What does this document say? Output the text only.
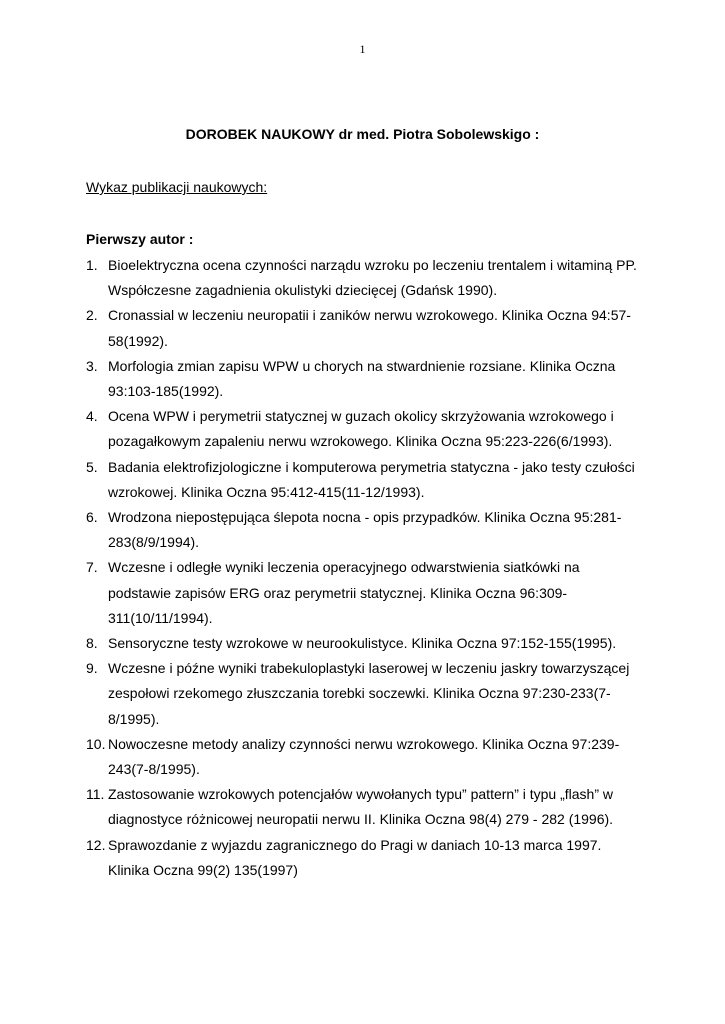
1
DOROBEK NAUKOWY dr med. Piotra Sobolewskigo :
Wykaz publikacji naukowych:
Pierwszy autor :
1. Bioelektryczna ocena czynności narządu wzroku po leczeniu trentalem i witaminą PP. Współczesne zagadnienia okulistyki dziecięcej (Gdańsk 1990).
2. Cronassial w leczeniu neuropatii i zaników nerwu wzrokowego. Klinika Oczna 94:57-58(1992).
3. Morfologia zmian zapisu WPW u chorych na stwardnienie rozsiane. Klinika Oczna 93:103-185(1992).
4. Ocena WPW i perymetrii statycznej w guzach okolicy skrzyżowania wzrokowego i pozagałkowym zapaleniu nerwu wzrokowego. Klinika Oczna 95:223-226(6/1993).
5. Badania elektrofizjologiczne i komputerowa perymetria statyczna - jako testy czułości wzrokowej. Klinika Oczna 95:412-415(11-12/1993).
6. Wrodzona niepostępująca ślepota nocna - opis przypadków. Klinika Oczna 95:281-283(8/9/1994).
7. Wczesne i odległe wyniki leczenia operacyjnego odwarstwienia siatkówki na podstawie zapisów ERG oraz perymetrii statycznej. Klinika Oczna 96:309-311(10/11/1994).
8. Sensoryczne testy wzrokowe w neurookulistyce. Klinika Oczna 97:152-155(1995).
9. Wczesne i późne wyniki trabekuloplastyki laserowej w leczeniu jaskry towarzyszącej zespołowi rzekomego złuszczania torebki soczewki. Klinika Oczna 97:230-233(7-8/1995).
10. Nowoczesne metody analizy czynności nerwu wzrokowego. Klinika Oczna 97:239-243(7-8/1995).
11. Zastosowanie wzrokowych potencjałów wywołanych typu” pattern” i typu „flash” w diagnostyce różnicowej neuropatii nerwu II. Klinika Oczna 98(4) 279 - 282 (1996).
12. Sprawozdanie z wyjazdu zagranicznego do Pragi w daniach 10-13 marca 1997. Klinika Oczna 99(2) 135(1997)
